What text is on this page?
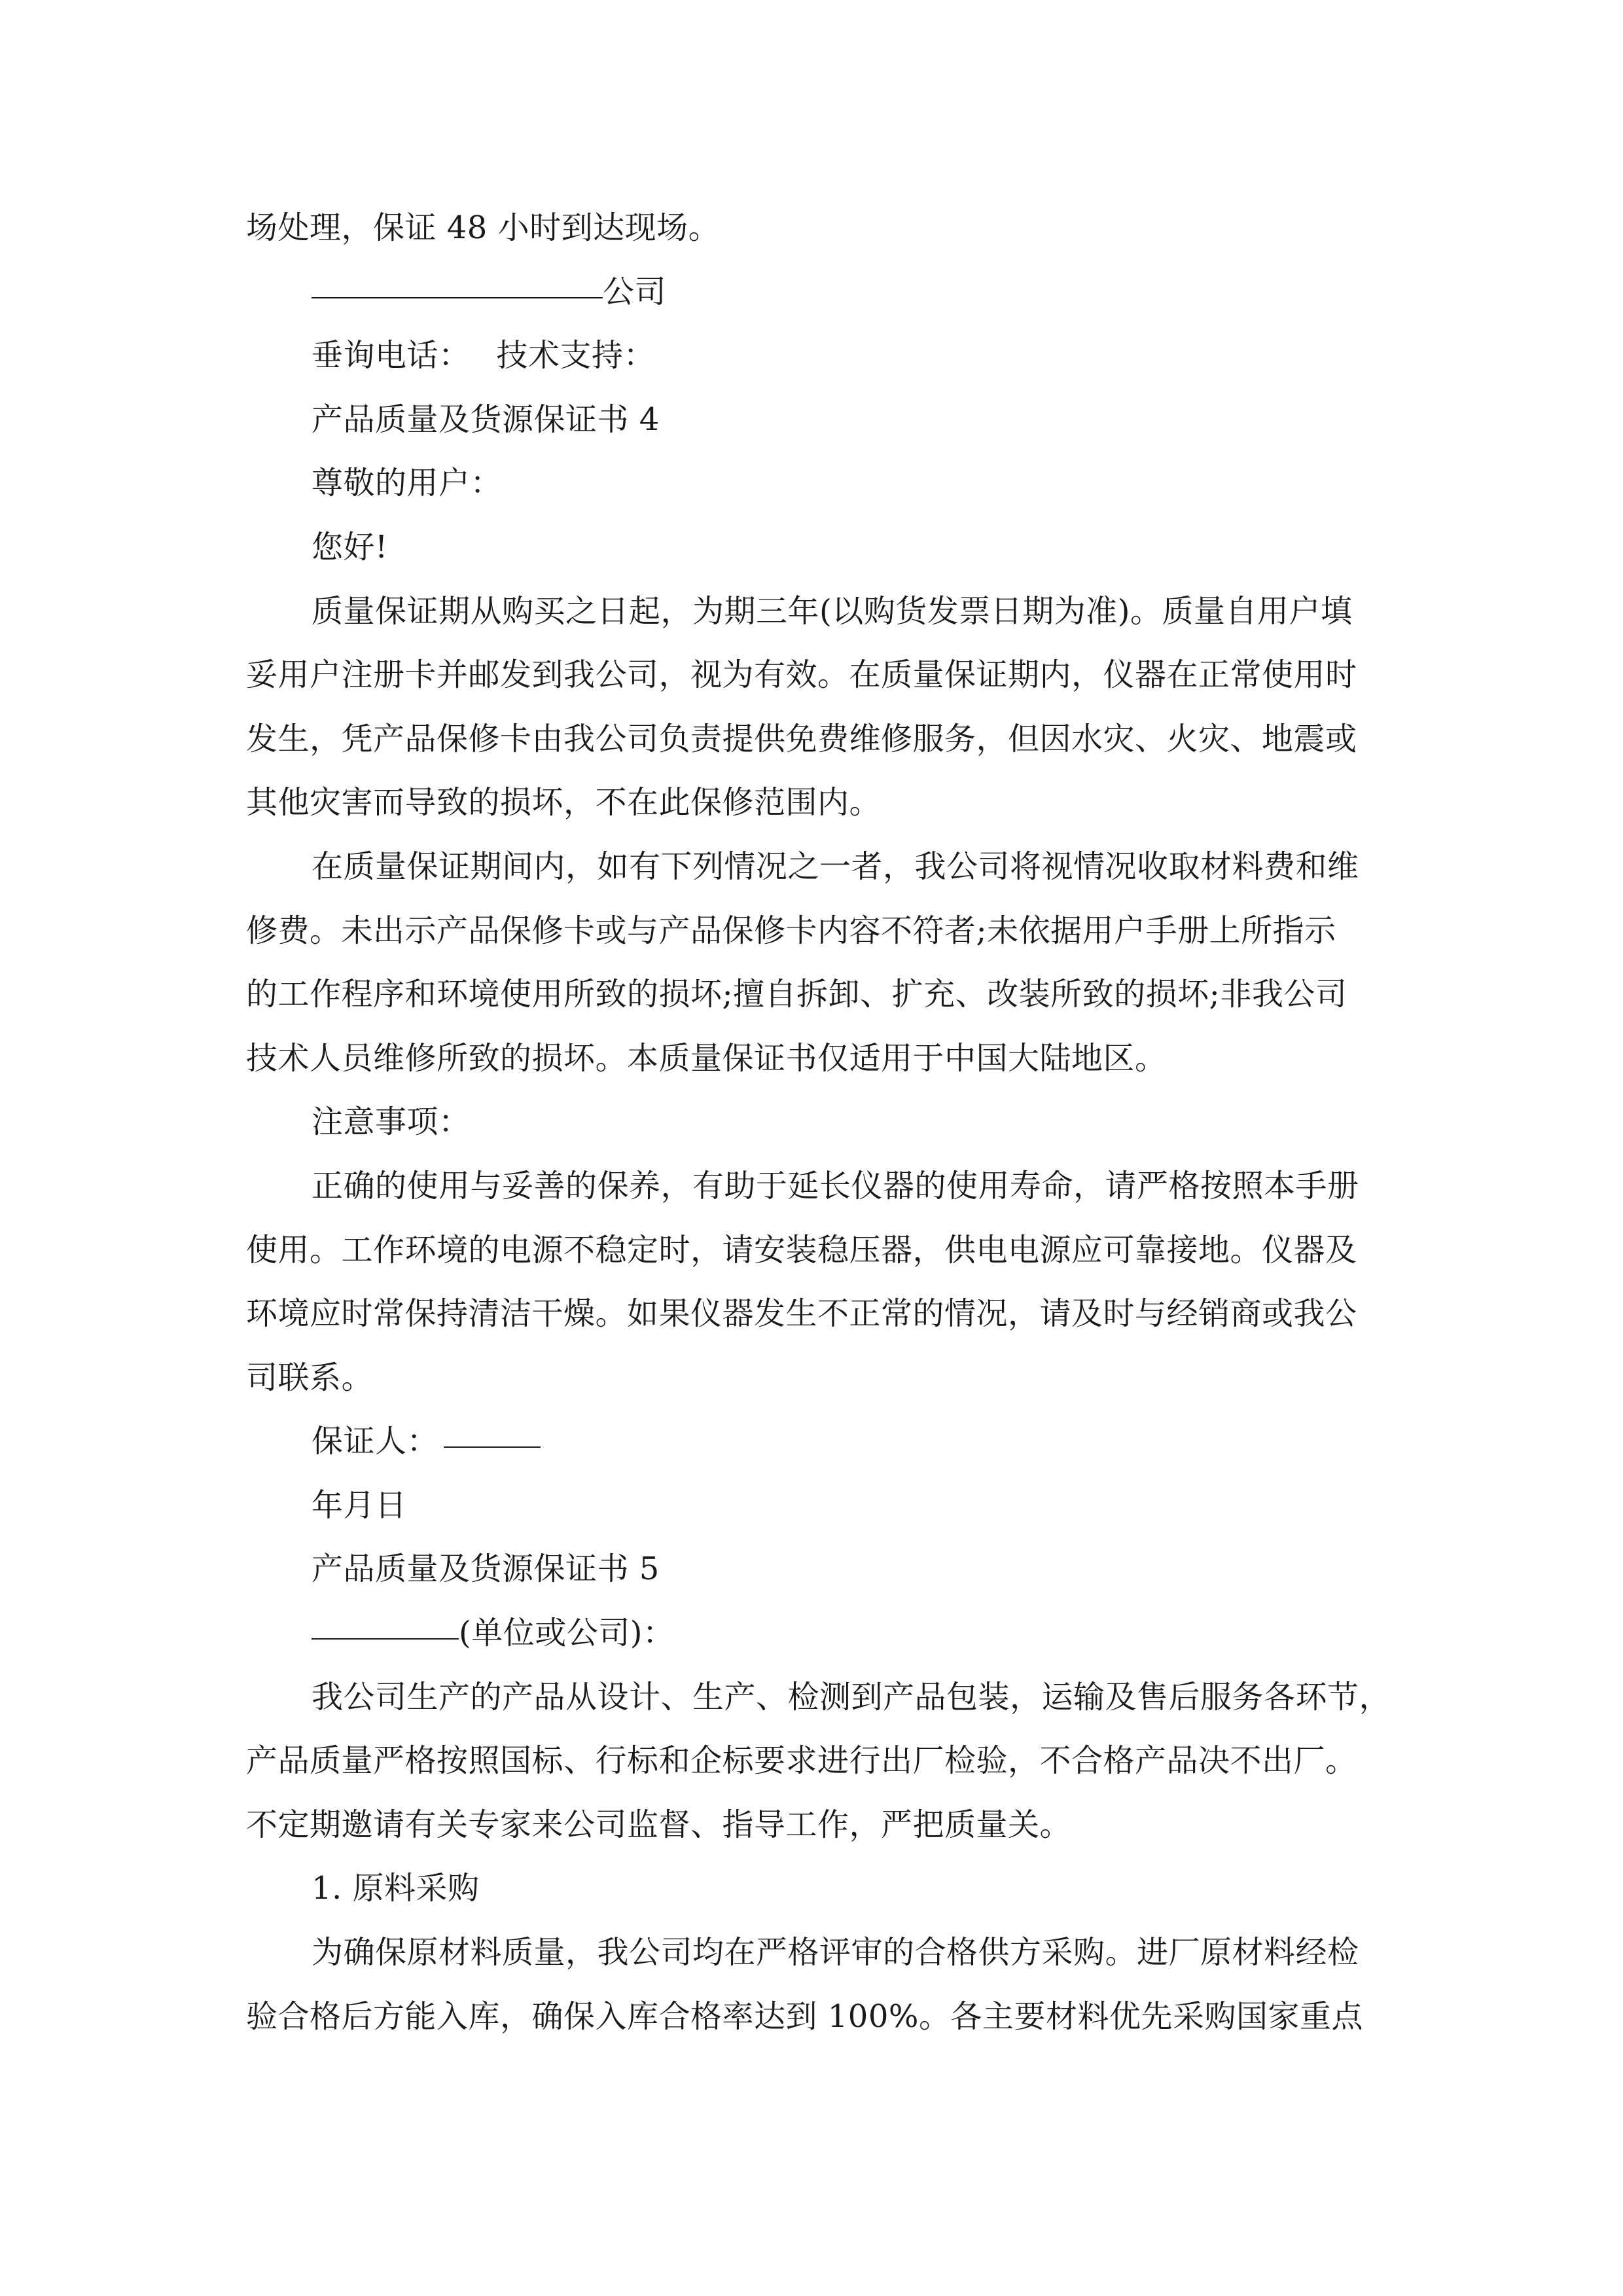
场处理，保证 48 小时到达现场。
公司
垂询电话： 技术支持：
产品质量及货源保证书 4
尊敬的用户：
您好!
质量保证期从购买之日起，为期三年(以购货发票日期为准)。质量自用户填
妥用户注册卡并邮发到我公司，视为有效。在质量保证期内，仪器在正常使用时
发生，凭产品保修卡由我公司负责提供免费维修服务，但因水灾、火灾、地震或
其他灾害而导致的损坏，不在此保修范围内。
在质量保证期间内，如有下列情况之一者，我公司将视情况收取材料费和维
修费。未出示产品保修卡或与产品保修卡内容不符者;未依据用户手册上所指示
的工作程序和环境使用所致的损坏;擅自拆卸、扩充、改装所致的损坏;非我公司
技术人员维修所致的损坏。本质量保证书仅适用于中国大陆地区。
注意事项：
正确的使用与妥善的保养，有助于延长仪器的使用寿命，请严格按照本手册
使用。工作环境的电源不稳定时，请安装稳压器，供电电源应可靠接地。仪器及
环境应时常保持清洁干燥。如果仪器发生不正常的情况，请及时与经销商或我公
司联系。
保证人：
年月日
产品质量及货源保证书 5
(单位或公司)：
我公司生产的产品从设计、生产、检测到产品包装，运输及售后服务各环节，
产品质量严格按照国标、行标和企标要求进行出厂检验，不合格产品决不出厂。
不定期邀请有关专家来公司监督、指导工作，严把质量关。
1. 原料采购
为确保原材料质量，我公司均在严格评审的合格供方采购。进厂原材料经检
验合格后方能入库，确保入库合格率达到 100%。各主要材料优先采购国家重点
